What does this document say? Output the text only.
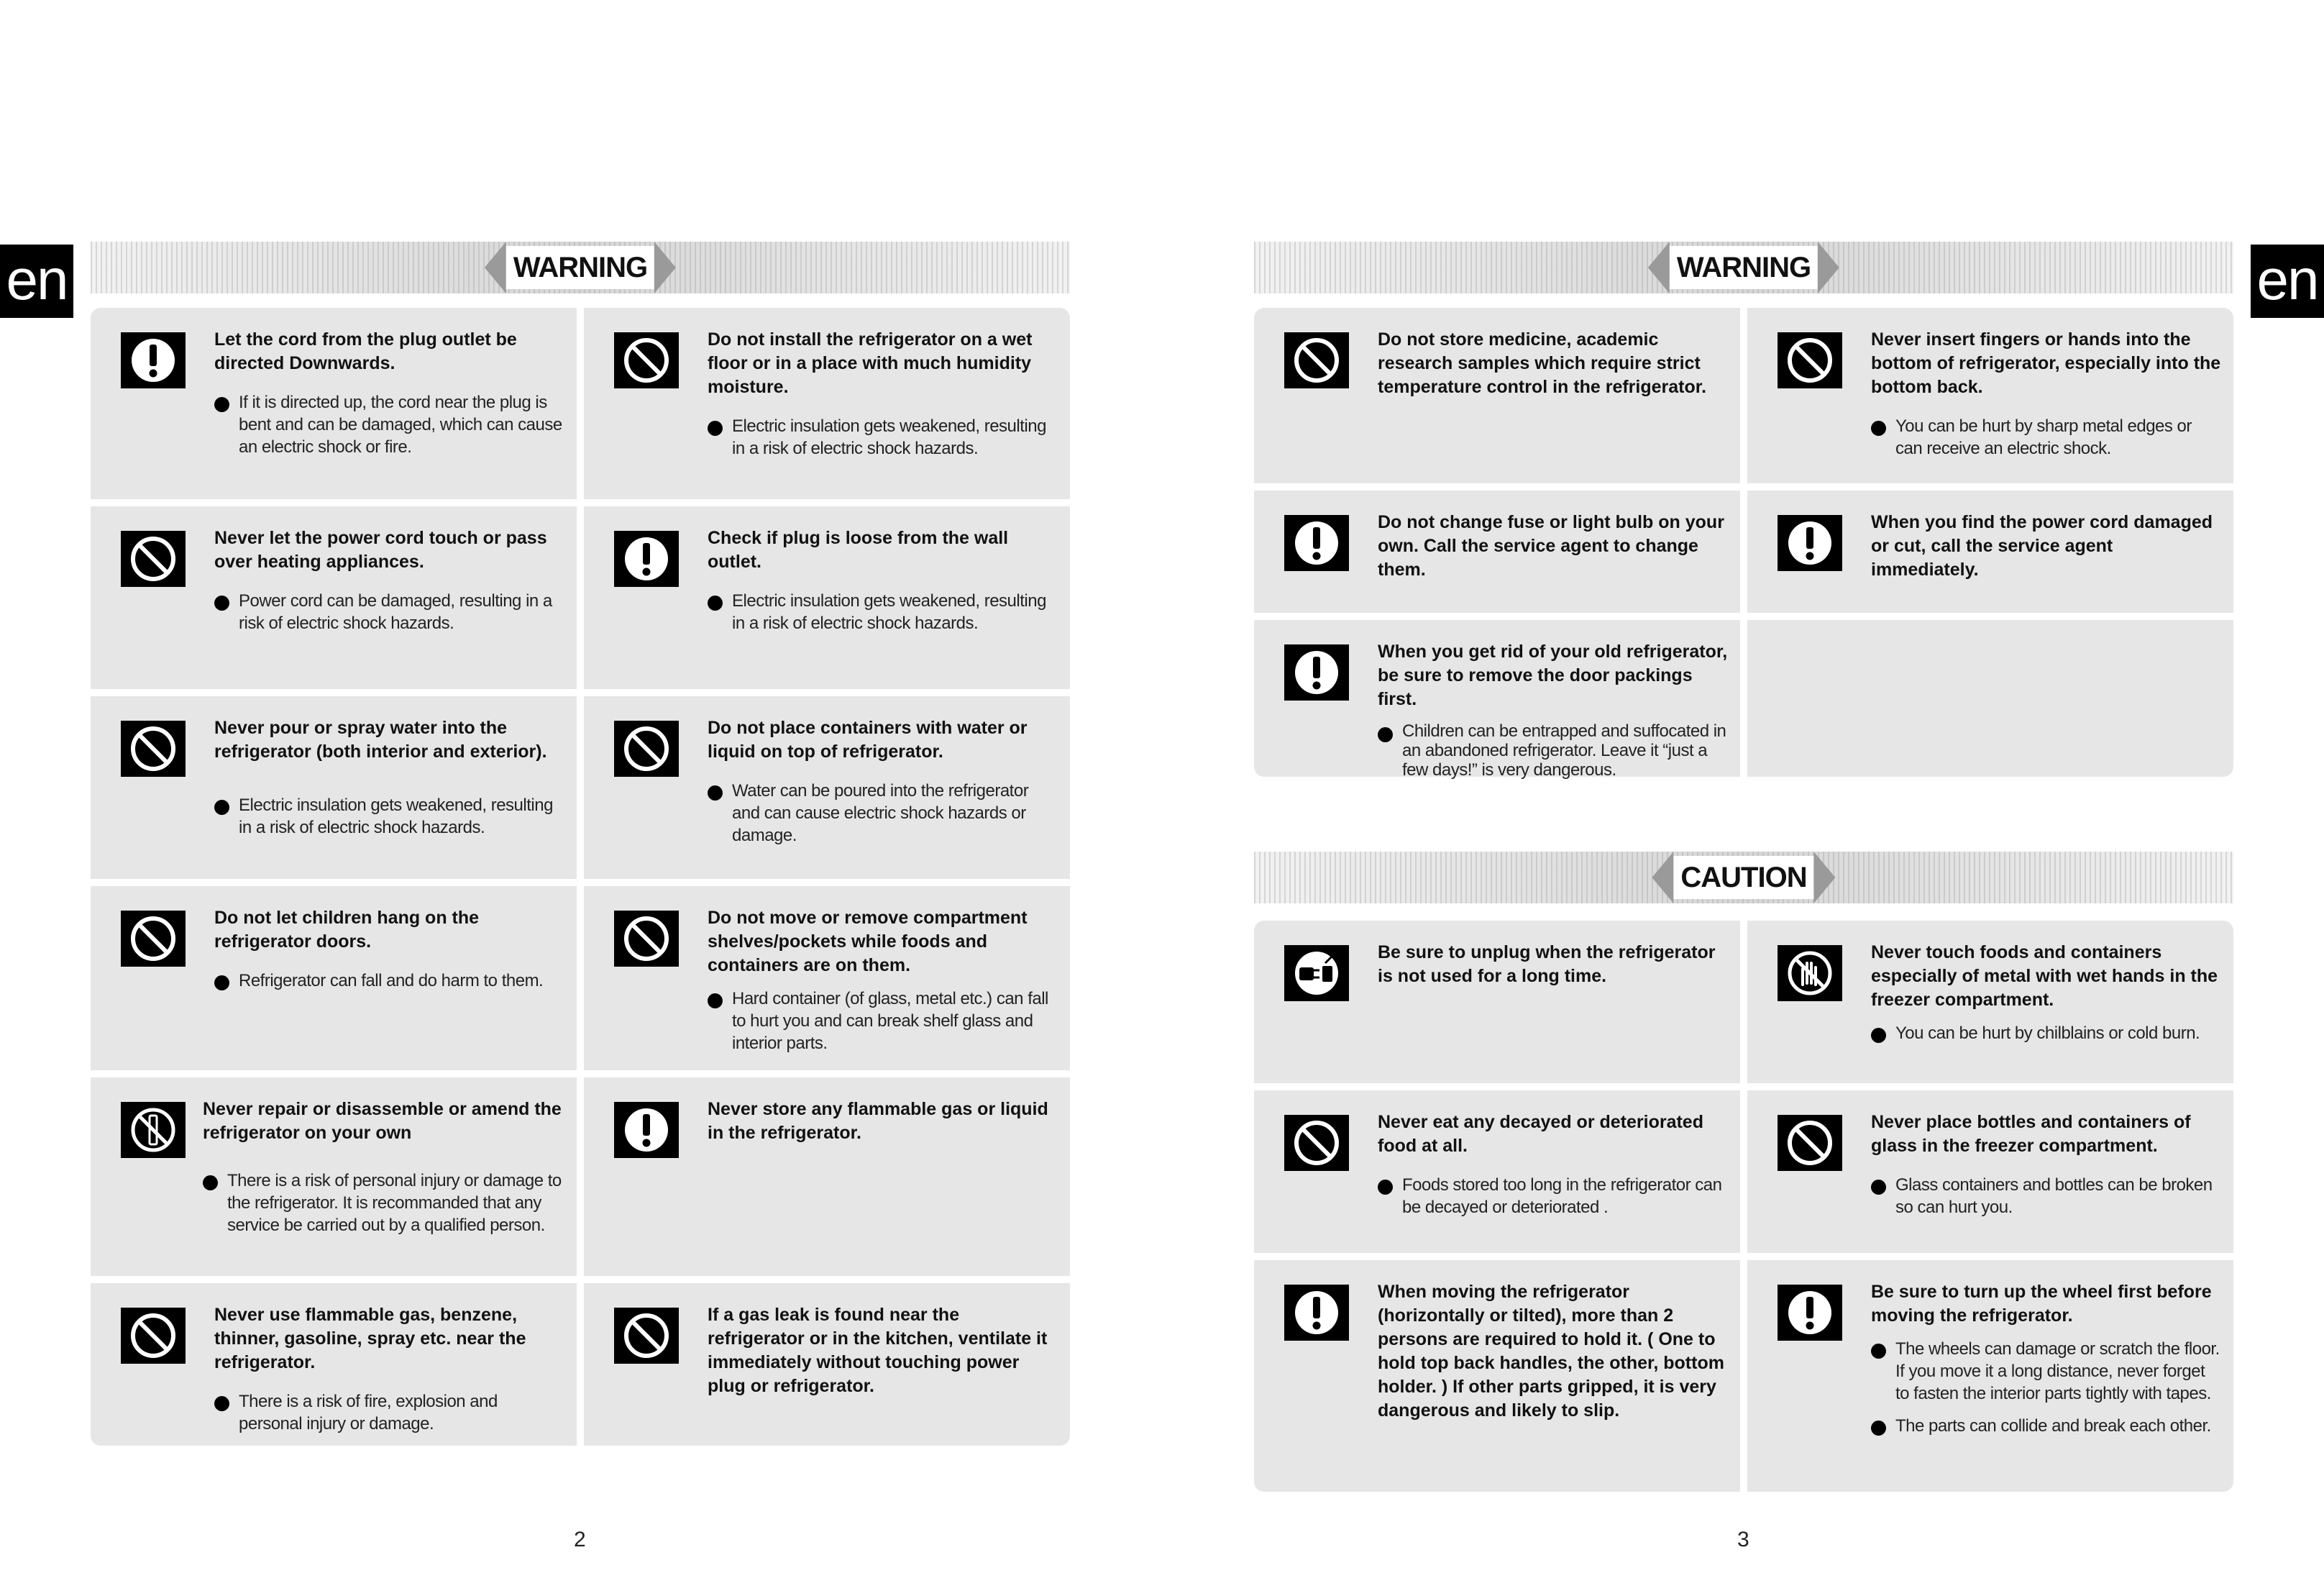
en	en
WARNING

Let the cord from the plug outlet be directed Downwards.

If it is directed up, the cord near the plug is bent and can be damaged, which can cause an electric shock or fire.

Do not install the refrigerator on a wet floor or in a place with much humidity moisture.

Electric insulation gets weakened, resulting in a risk of electric shock hazards.

Never let the power cord touch or pass over heating appliances.

Power cord can be damaged, resulting in a risk of electric shock hazards.

Check if plug is loose from the wall outlet.

Electric insulation gets weakened, resulting in a risk of electric shock hazards.

Never pour or spray water into the refrigerator (both interior and exterior).

Electric insulation gets weakened, resulting in a risk of electric shock hazards.

Do not place containers with water or liquid on top of refrigerator.

Water can be poured into the refrigerator and can cause electric shock hazards or damage.

Do not let children hang on the refrigerator doors.

Refrigerator can fall and do harm to them.

Do not move or remove compartment shelves/pockets while foods and containers are on them.

Hard container (of glass, metal etc.) can fall to hurt you and can break shelf glass and interior parts.

Never repair or disassemble or amend the refrigerator on your own

There is a risk of personal injury or damage to the refrigerator. It is recommanded that any service be carried out by a qualified person.

Never store any flammable gas or liquid in the refrigerator.

Never use flammable gas, benzene, thinner, gasoline, spray etc. near the refrigerator.

There is a risk of fire, explosion and personal injury or damage.

If a gas leak is found near the refrigerator or in the kitchen, ventilate it immediately without touching power plug or refrigerator.

2
WARNING

Do not store medicine, academic research samples which require strict temperature control in the refrigerator.

Never insert fingers or hands into the bottom of refrigerator, especially into the bottom back.

You can be hurt by sharp metal edges or can receive an electric shock.

Do not change fuse or light bulb on your own. Call the service agent to change them.

When you find the power cord damaged or cut, call the service agent immediately.

When you get rid of your old refrigerator, be sure to remove the door packings first.

Children can be entrapped and suffocated in an abandoned refrigerator. Leave it “just a few days!” is very dangerous.
CAUTION

Be sure to unplug when the refrigerator is not used for a long time.

Never touch foods and containers especially of metal with wet hands in the freezer compartment.

You can be hurt by chilblains or cold burn.

Never eat any decayed or deteriorated food at all.

Foods stored too long in the refrigerator can be decayed or deteriorated .

Never place bottles and containers of glass in the freezer compartment.

Glass containers and bottles can be broken so can hurt you.

When moving the refrigerator (horizontally or tilted), more than 2 persons are required to hold it. ( One to hold top back handles, the other, bottom holder. ) If other parts gripped, it is very dangerous and likely to slip.

Be sure to turn up the wheel first before moving the refrigerator.

The wheels can damage or scratch the floor. If you move it a long distance, never forget to fasten the interior parts tightly with tapes.
The parts can collide and break each other.
3
